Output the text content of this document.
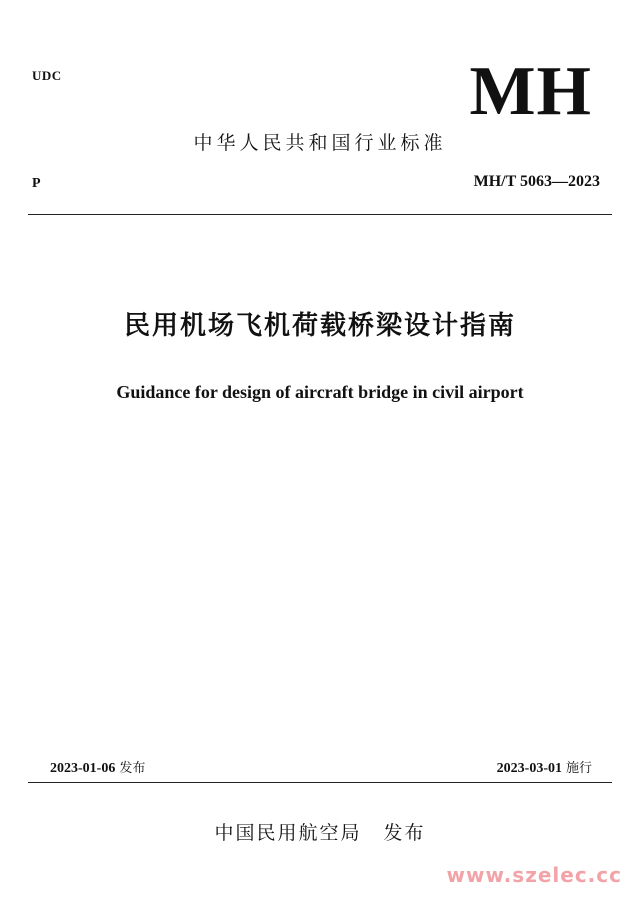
UDC	MH
中华人民共和国行业标准
P	MH/T 5063—2023
民用机场飞机荷载桥梁设计指南
Guidance for design of aircraft bridge in civil airport
2023-01-06 发布	2023-03-01 施行
中国民用航空局 发布
www.szelec.cc
